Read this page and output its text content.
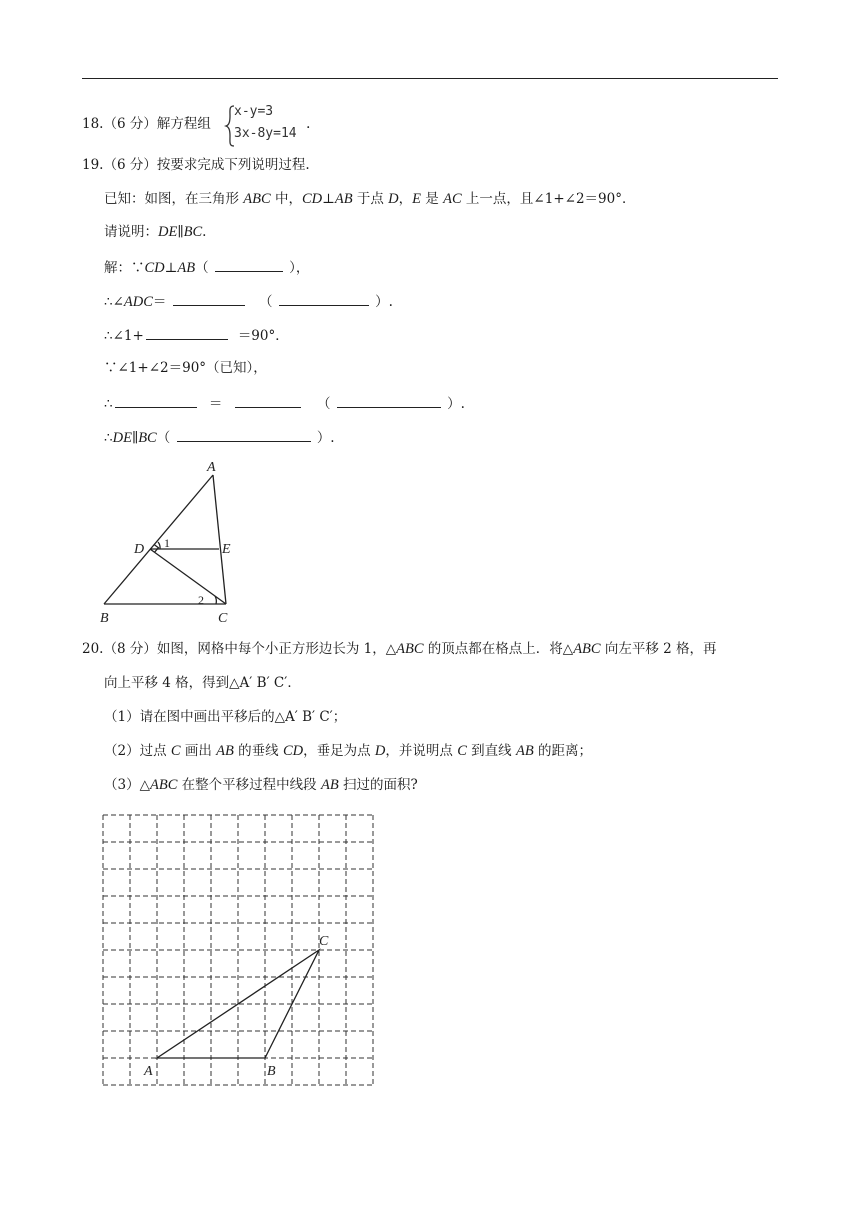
18.（6 分）解方程组
x-y=3
3x-8y=14
.
19.（6 分）按要求完成下列说明过程.
已知：如图，在三角形 ABC 中，CD⊥AB 于点 D，E 是 AC 上一点，且∠1+∠2＝90°．
请说明：DE∥BC.
解：∵CD⊥AB（	），
∴∠ADC＝	（	）.
∴∠1+	＝90°．
∵∠1+∠2＝90°（已知），
∴	＝	（	）.
∴DE∥BC（	）.
A
B	C
D	E
1
2
20.（8 分）如图，网格中每个小正方形边长为 1，△ABC 的顶点都在格点上．将△ABC 向左平移 2 格，再
向上平移 4 格，得到△A′ B′ C′．
（1）请在图中画出平移后的△A′ B′ C′；
（2）过点 C 画出 AB 的垂线 CD，垂足为点 D，并说明点 C 到直线 AB 的距离；
（3）△ABC 在整个平移过程中线段 AB 扫过的面积?
A	B
C
